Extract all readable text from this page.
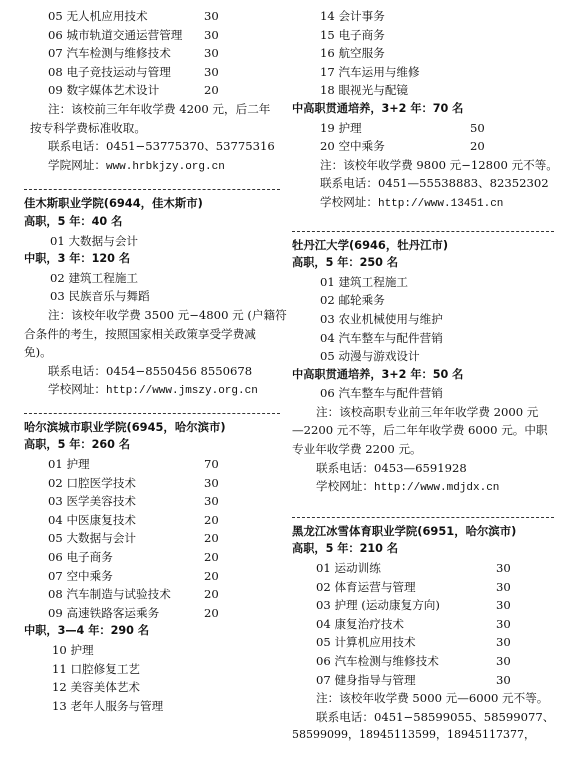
05 无人机应用技术	30
06 城市轨道交通运营管理 30
07 汽车检测与维修技术	30
08 电子竞技运动与管理	30
09 数字媒体艺术设计	20
注：该校前三年年收学费 4200 元，后二年
按专科学费标准收取。
联系电话：0451−53775370、53775316
学院网址：www.hrbkjzy.org.cn
佳木斯职业学院(6944，佳木斯市)
高职，5 年：40 名
01 大数据与会计
中职，3 年：120 名
02 建筑工程施工
03 民族音乐与舞蹈
注：该校年收学费 3500 元−4800 元 (户籍符
合条件的考生，按照国家相关政策享受学费减
免)。
联系电话：0454−8550456 8550678
学校网址：http://www.jmszy.org.cn
哈尔滨城市职业学院(6945，哈尔滨市)
高职，5 年：260 名
01 护理	70
02 口腔医学技术	30
03 医学美容技术	30
04 中医康复技术	20
05 大数据与会计	20
06 电子商务	20
07 空中乘务	20
08 汽车制造与试验技术	20
09 高速铁路客运乘务	20
中职，3—4 年：290 名
10 护理
11 口腔修复工艺
12 美容美体艺术
13 老年人服务与管理
14 会计事务
15 电子商务
16 航空服务
17 汽车运用与维修
18 眼视光与配镜
中高职贯通培养，3+2 年：70 名
19 护理	50
20 空中乘务	20
注：该校年收学费 9800 元−12800 元不等。
联系电话：0451—55538883、82352302
学校网址：http://www.13451.cn
牡丹江大学(6946，牡丹江市)
高职，5 年：250 名
01 建筑工程施工
02 邮轮乘务
03 农业机械使用与维护
04 汽车整车与配件营销
05 动漫与游戏设计
中高职贯通培养，3+2 年：50 名
06 汽车整车与配件营销
注：该校高职专业前三年年收学费 2000 元
—2200 元不等，后二年年收学费 6000 元。中职
专业年收学费 2200 元。
联系电话：0453—6591928
学校网址：http://www.mdjdx.cn
黑龙江冰雪体育职业学院(6951，哈尔滨市)
高职，5 年：210 名
01 运动训练	30
02 体育运营与管理	30
03 护理 (运动康复方向)	30
04 康复治疗技术	30
05 计算机应用技术	30
06 汽车检测与维修技术	30
07 健身指导与管理	30
注：该校年收学费 5000 元—6000 元不等。
联系电话：0451−58599055、58599077、
58599099，18945113599，18945117377，
